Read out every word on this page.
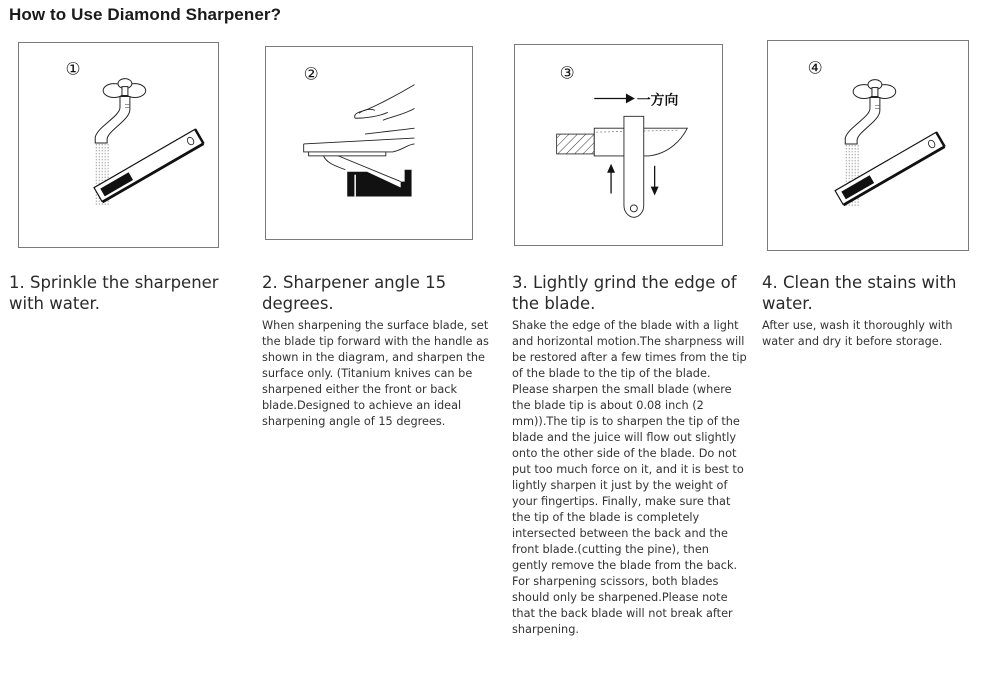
How to Use Diamond Sharpener?
①	②	③
一方向
④
1. Sprinkle the sharpener with water.
2. Sharpener angle 15 degrees.

When sharpening the surface blade, set the blade tip forward with the handle as shown in the diagram, and sharpen the surface only. (Titanium knives can be sharpened either the front or back blade.Designed to achieve an ideal sharpening angle of 15 degrees.

3. Lightly grind the edge of the blade.

Shake the edge of the blade with a light and horizontal motion.The sharpness will be restored after a few times from the tip of the blade to the tip of the blade. Please sharpen the small blade (where the blade tip is about 0.08 inch (2 mm)).The tip is to sharpen the tip of the blade and the juice will flow out slightly onto the other side of the blade. Do not put too much force on it, and it is best to lightly sharpen it just by the weight of your fingertips. Finally, make sure that the tip of the blade is completely intersected between the back and the front blade.(cutting the pine), then gently remove the blade from the back. For sharpening scissors, both blades should only be sharpened.Please note that the back blade will not break after sharpening.

4. Clean the stains with water.

After use, wash it thoroughly with water and dry it before storage.
